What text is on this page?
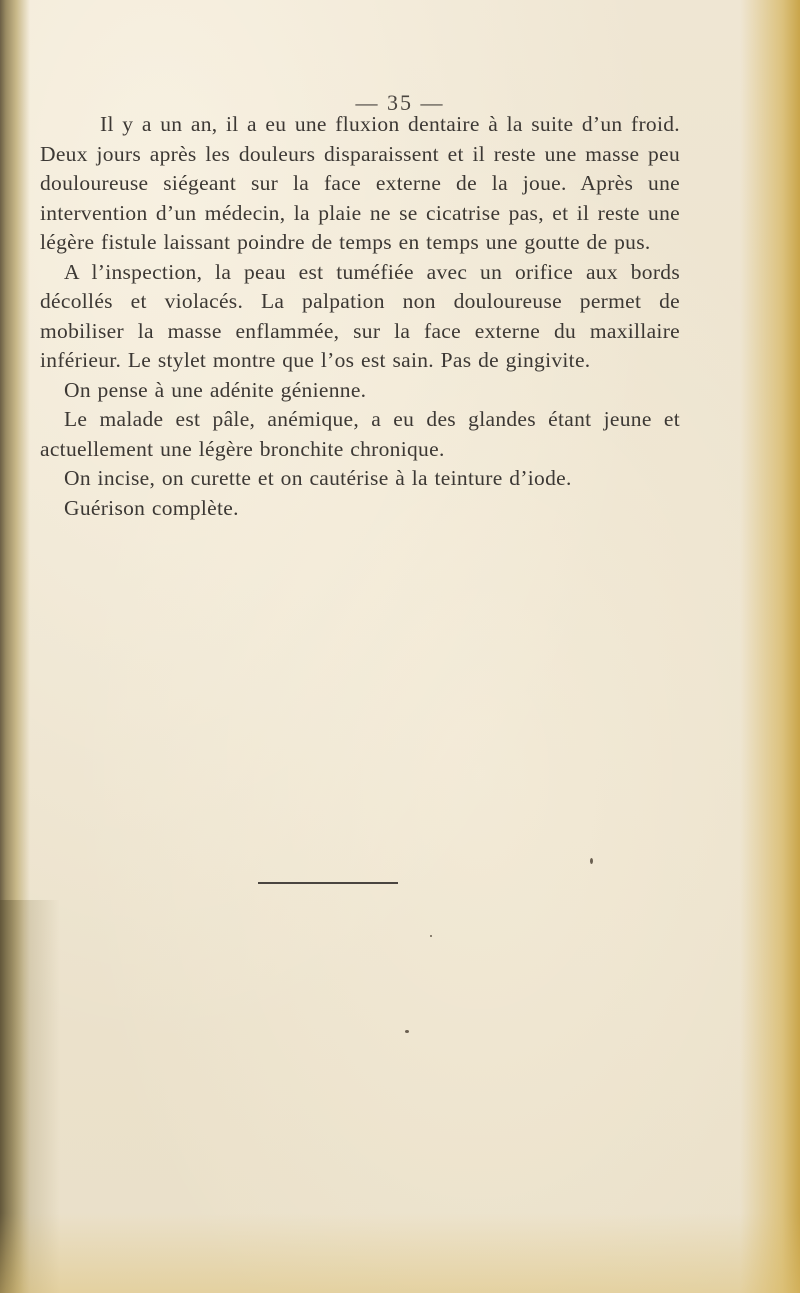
— 35 —

Il y a un an, il a eu une fluxion dentaire à la suite d’un froid. Deux jours après les douleurs disparaissent et il reste une masse peu douloureuse siégeant sur la face externe de la joue. Après une intervention d’un médecin, la plaie ne se cicatrise pas, et il reste une légère fistule laissant poindre de temps en temps une goutte de pus.

A l’inspection, la peau est tuméfiée avec un orifice aux bords décollés et violacés. La palpation non douloureuse permet de mobiliser la masse enflammée, sur la face externe du maxillaire inférieur. Le stylet montre que l’os est sain. Pas de gingivite.

On pense à une adénite génienne.

Le malade est pâle, anémique, a eu des glandes étant jeune et actuellement une légère bronchite chronique.

On incise, on curette et on cautérise à la teinture d’iode.

Guérison complète.
